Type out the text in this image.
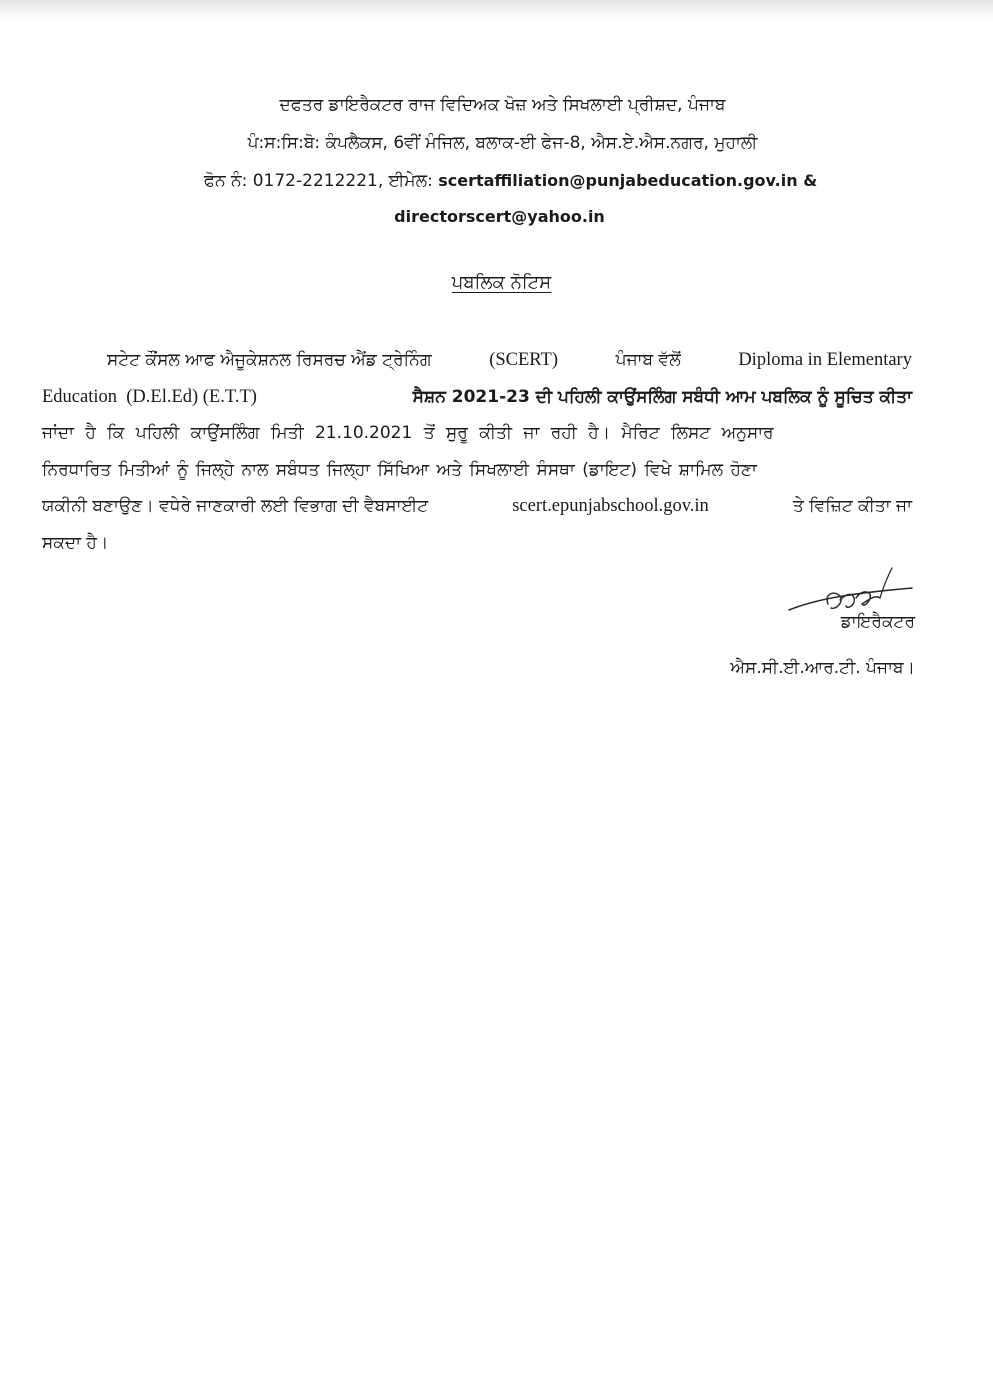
ਦਫਤਰ ਡਾਇਰੈਕਟਰ ਰਾਜ ਵਿਦਿਅਕ ਖੋਜ਼ ਅਤੇ ਸਿਖਲਾਈ ਪ੍ਰੀਸ਼ਦ, ਪੰਜਾਬ
ਪੰ:ਸ:ਸਿ:ਬੋ: ਕੰਪਲੈਕਸ, 6ਵੀਂ ਮੰਜਿਲ, ਬਲਾਕ-ਈ ਫੇਜ-8, ਐਸ.ਏ.ਐਸ.ਨਗਰ, ਮੁਹਾਲੀ
ਫੋਨ ਨੰ: 0172-2212221, ਈਮੇਲ: scertaffiliation@punjabeducation.gov.in &
directorscert@yahoo.in
ਪਬਲਿਕ ਨੋਟਿਸ
ਸਟੇਟ ਕੌਂਸਲ ਆਫ ਐਜੂਕੇਸ਼ਨਲ ਰਿਸਰਚ ਐਂਡ ਟ੍ਰੇਨਿੰਗ	(SCERT)	ਪੰਜਾਬ ਵੱਲੋਂ	Diploma in Elementary
Education  (D.El.Ed) (E.T.T)	ਸੈਸ਼ਨ 2021-23 ਦੀ ਪਹਿਲੀ ਕਾਉਂਸਲਿੰਗ ਸਬੰਧੀ ਆਮ ਪਬਲਿਕ ਨੂੰ ਸੂਚਿਤ ਕੀਤਾ
ਜਾਂਦਾ ਹੈ ਕਿ ਪਹਿਲੀ ਕਾਉਂਸਲਿੰਗ ਮਿਤੀ 21.10.2021 ਤੋਂ ਸੁਰੂ ਕੀਤੀ ਜਾ ਰਹੀ ਹੈ। ਮੈਰਿਟ ਲਿਸਟ ਅਨੁਸਾਰ
ਨਿਰਧਾਰਿਤ ਮਿਤੀਆਂ ਨੂੰ ਜਿਲ੍ਹੇ ਨਾਲ ਸਬੰਧਤ ਜਿਲ੍ਹਾ ਸਿੱਖਿਆ ਅਤੇ ਸਿਖਲਾਈ ਸੰਸਥਾ (ਡਾਇਟ) ਵਿਖੇ ਸ਼ਾਮਿਲ ਹੋਣਾ
ਯਕੀਨੀ ਬਣਾਉਣ। ਵਧੇਰੇ ਜਾਣਕਾਰੀ ਲਈ ਵਿਭਾਗ ਦੀ ਵੈਬਸਾਈਟ	scert.epunjabschool.gov.in	ਤੇ ਵਿਜ਼ਿਟ ਕੀਤਾ ਜਾ
ਸਕਦਾ ਹੈ।
ਡਾਇਰੈਕਟਰ
ਐਸ.ਸੀ.ਈ.ਆਰ.ਟੀ. ਪੰਜਾਬ।
